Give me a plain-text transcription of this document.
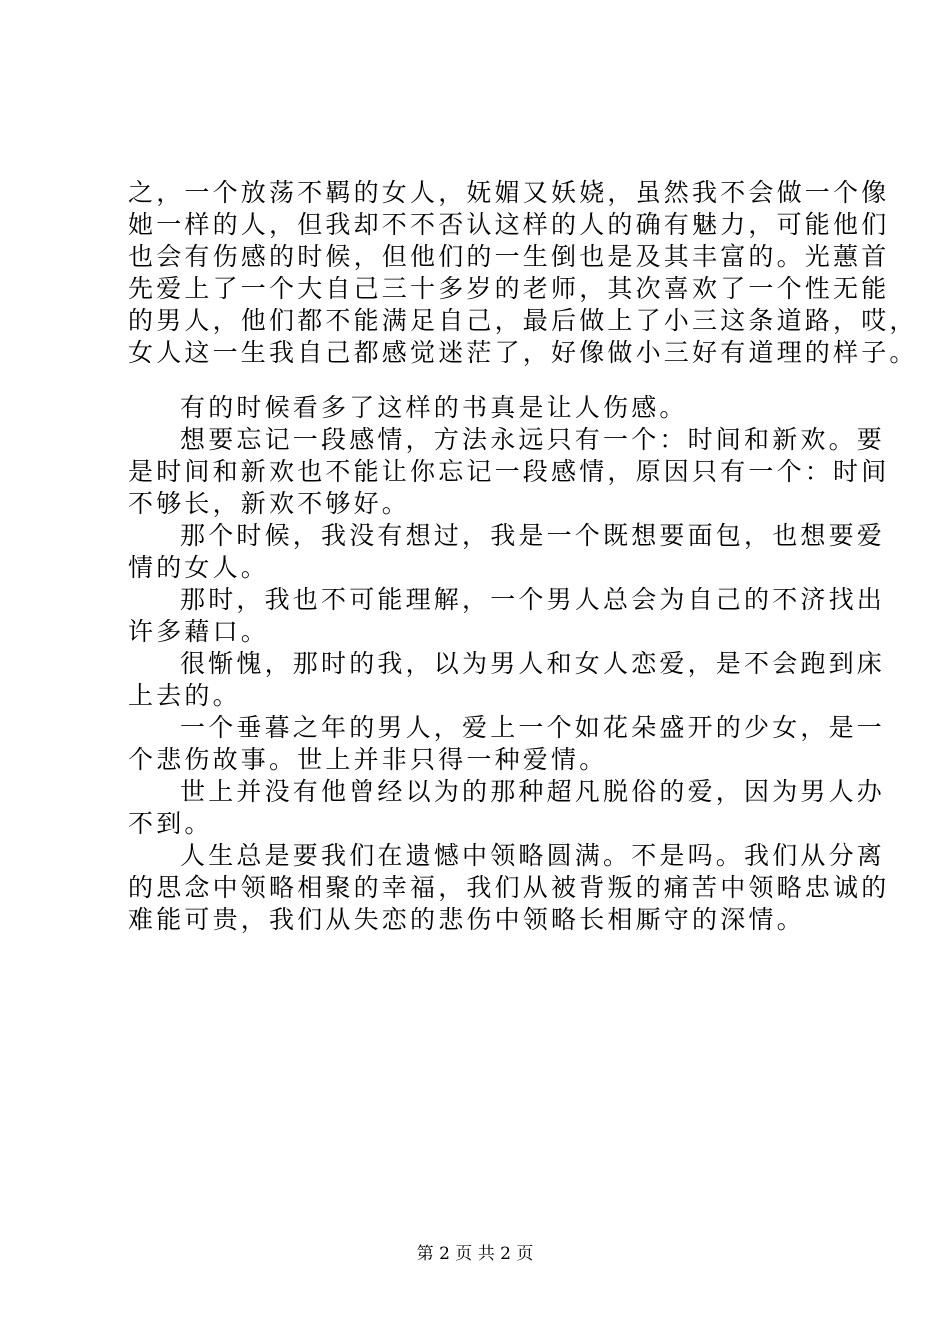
之，一个放荡不羁的女人，妩媚又妖娆，虽然我不会做一个像
她一样的人，但我却不不否认这样的人的确有魅力，可能他们
也会有伤感的时候，但他们的一生倒也是及其丰富的。光蕙首
先爱上了一个大自己三十多岁的老师，其次喜欢了一个性无能
的男人，他们都不能满足自己，最后做上了小三这条道路，哎，
女人这一生我自己都感觉迷茫了，好像做小三好有道理的样子。
有的时候看多了这样的书真是让人伤感。
想要忘记一段感情，方法永远只有一个：时间和新欢。要
是时间和新欢也不能让你忘记一段感情，原因只有一个：时间
不够长，新欢不够好。
那个时候，我没有想过，我是一个既想要面包，也想要爱
情的女人。
那时，我也不可能理解，一个男人总会为自己的不济找出
许多藉口。
很惭愧，那时的我，以为男人和女人恋爱，是不会跑到床
上去的。
一个垂暮之年的男人，爱上一个如花朵盛开的少女，是一
个悲伤故事。世上并非只得一种爱情。
世上并没有他曾经以为的那种超凡脱俗的爱，因为男人办
不到。
人生总是要我们在遗憾中领略圆满。不是吗。我们从分离
的思念中领略相聚的幸福，我们从被背叛的痛苦中领略忠诚的
难能可贵，我们从失恋的悲伤中领略长相厮守的深情。
第 2 页 共 2 页
